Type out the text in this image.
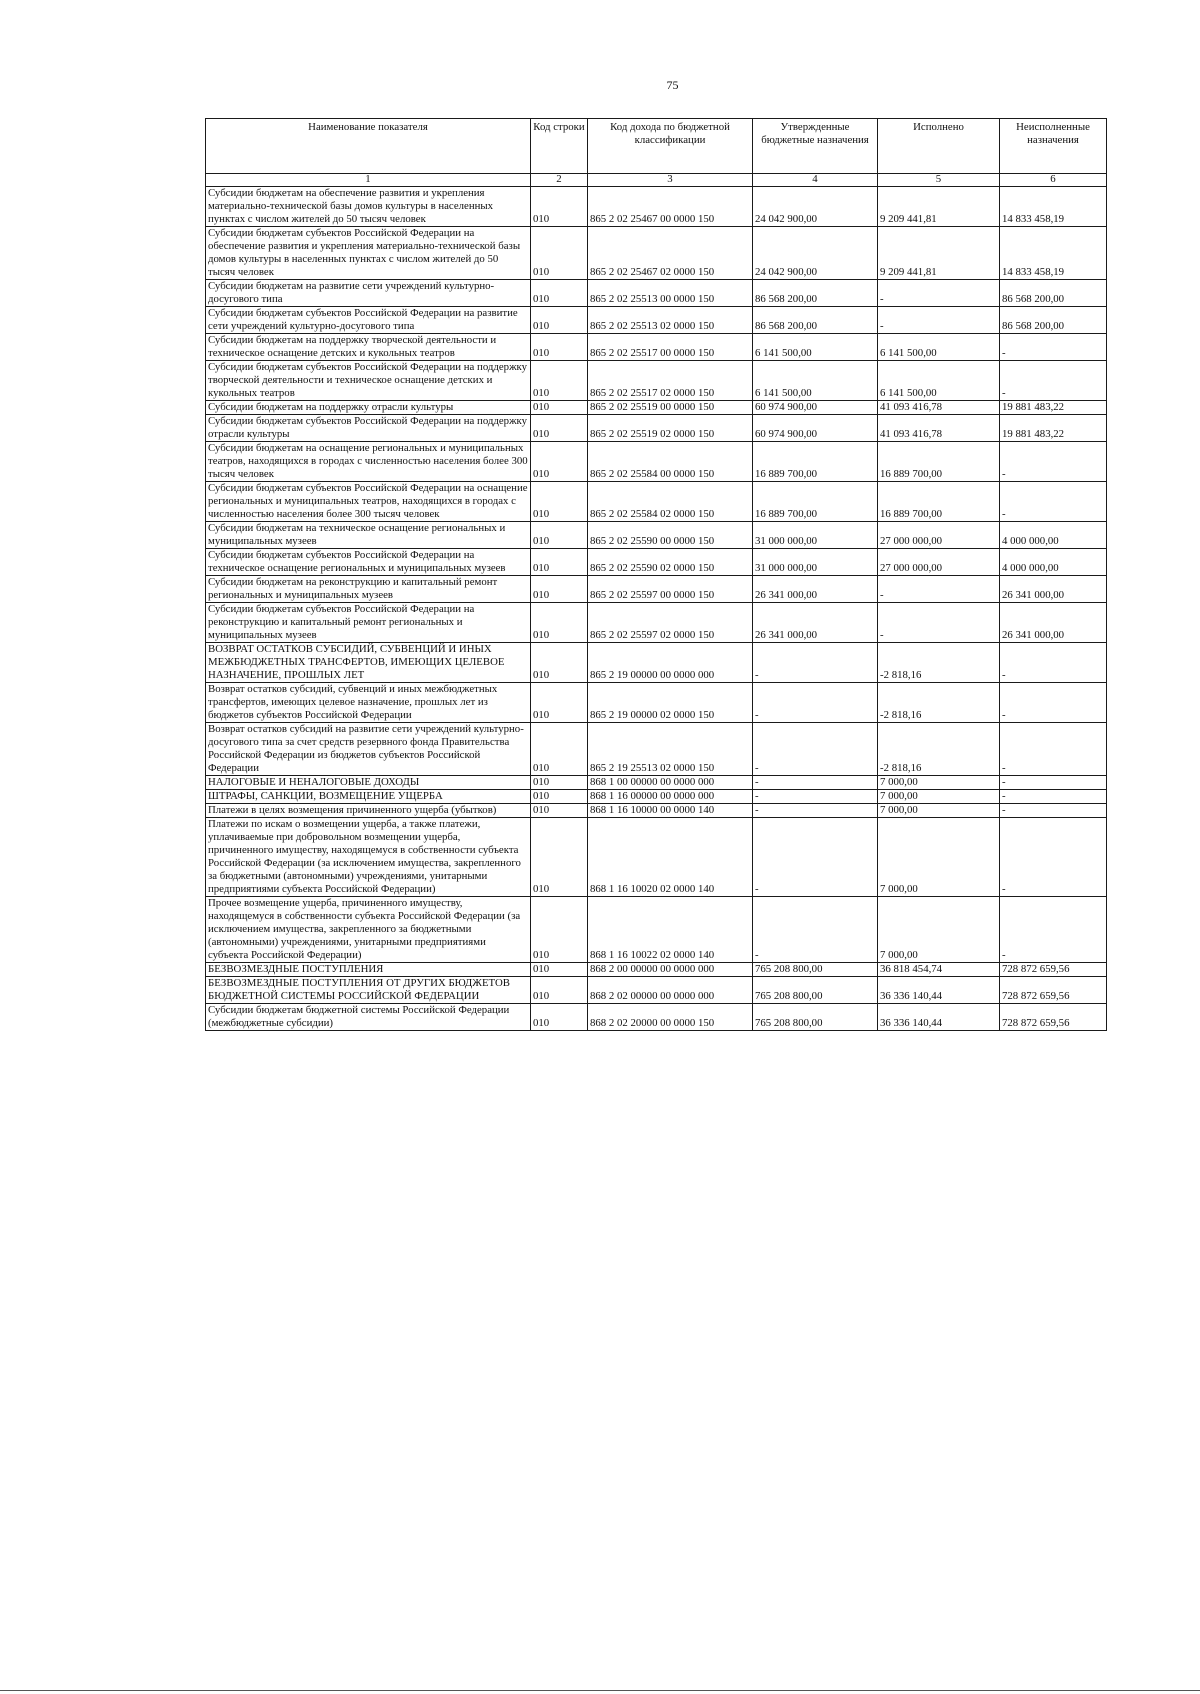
75
Наименование показателя	Код строки	Код дохода по бюджетной классификации	Утвержденные бюджетные назначения	Исполнено	Неисполненные назначения
1	2	3	4	5	6
Субсидии бюджетам на обеспечение развития и укрепления материально-технической базы домов культуры в населенных пунктах с числом жителей до 50 тысяч человек	010	865 2 02 25467 00 0000 150	24 042 900,00	9 209 441,81	14 833 458,19
Субсидии бюджетам субъектов Российской Федерации на обеспечение развития и укрепления материально-технической базы домов культуры в населенных пунктах с числом жителей до 50 тысяч человек	010	865 2 02 25467 02 0000 150	24 042 900,00	9 209 441,81	14 833 458,19
Субсидии бюджетам на развитие сети учреждений культурно-досугового типа	010	865 2 02 25513 00 0000 150	86 568 200,00	-	86 568 200,00
Субсидии бюджетам субъектов Российской Федерации на развитие сети учреждений культурно-досугового типа	010	865 2 02 25513 02 0000 150	86 568 200,00	-	86 568 200,00
Субсидии бюджетам на поддержку творческой деятельности и техническое оснащение детских и кукольных театров	010	865 2 02 25517 00 0000 150	6 141 500,00	6 141 500,00	-
Субсидии бюджетам субъектов Российской Федерации на поддержку творческой деятельности и техническое оснащение детских и кукольных театров	010	865 2 02 25517 02 0000 150	6 141 500,00	6 141 500,00	-
Субсидии бюджетам на поддержку отрасли культуры	010	865 2 02 25519 00 0000 150	60 974 900,00	41 093 416,78	19 881 483,22
Субсидии бюджетам субъектов Российской Федерации на поддержку отрасли культуры	010	865 2 02 25519 02 0000 150	60 974 900,00	41 093 416,78	19 881 483,22
Субсидии бюджетам на оснащение региональных и муниципальных театров, находящихся в городах с численностью населения более 300 тысяч человек	010	865 2 02 25584 00 0000 150	16 889 700,00	16 889 700,00	-
Субсидии бюджетам субъектов Российской Федерации на оснащение региональных и муниципальных театров, находящихся в городах с численностью населения более 300 тысяч человек	010	865 2 02 25584 02 0000 150	16 889 700,00	16 889 700,00	-
Субсидии бюджетам на техническое оснащение региональных и муниципальных музеев	010	865 2 02 25590 00 0000 150	31 000 000,00	27 000 000,00	4 000 000,00
Субсидии бюджетам субъектов Российской Федерации на техническое оснащение региональных и муниципальных музеев	010	865 2 02 25590 02 0000 150	31 000 000,00	27 000 000,00	4 000 000,00
Субсидии бюджетам на реконструкцию и капитальный ремонт региональных и муниципальных музеев	010	865 2 02 25597 00 0000 150	26 341 000,00	-	26 341 000,00
Субсидии бюджетам субъектов Российской Федерации на реконструкцию и капитальный ремонт региональных и муниципальных музеев	010	865 2 02 25597 02 0000 150	26 341 000,00	-	26 341 000,00
ВОЗВРАТ ОСТАТКОВ СУБСИДИЙ, СУБВЕНЦИЙ И ИНЫХ МЕЖБЮДЖЕТНЫХ ТРАНСФЕРТОВ, ИМЕЮЩИХ ЦЕЛЕВОЕ НАЗНАЧЕНИЕ, ПРОШЛЫХ ЛЕТ	010	865 2 19 00000 00 0000 000	-	-2 818,16	-
Возврат остатков субсидий, субвенций и иных межбюджетных трансфертов, имеющих целевое назначение, прошлых лет из бюджетов субъектов Российской Федерации	010	865 2 19 00000 02 0000 150	-	-2 818,16	-
Возврат остатков субсидий на развитие сети учреждений культурно-досугового типа за счет средств резервного фонда Правительства Российской Федерации из бюджетов субъектов Российской Федерации	010	865 2 19 25513 02 0000 150	-	-2 818,16	-
НАЛОГОВЫЕ И НЕНАЛОГОВЫЕ ДОХОДЫ	010	868 1 00 00000 00 0000 000	-	7 000,00	-
ШТРАФЫ, САНКЦИИ, ВОЗМЕЩЕНИЕ УЩЕРБА	010	868 1 16 00000 00 0000 000	-	7 000,00	-
Платежи в целях возмещения причиненного ущерба (убытков)	010	868 1 16 10000 00 0000 140	-	7 000,00	-
Платежи по искам о возмещении ущерба, а также платежи, уплачиваемые при добровольном возмещении ущерба, причиненного имуществу, находящемуся в собственности субъекта Российской Федерации (за исключением имущества, закрепленного за бюджетными (автономными) учреждениями, унитарными предприятиями субъекта Российской Федерации)	010	868 1 16 10020 02 0000 140	-	7 000,00	-
Прочее возмещение ущерба, причиненного имуществу, находящемуся в собственности субъекта Российской Федерации (за исключением имущества, закрепленного за бюджетными (автономными) учреждениями, унитарными предприятиями субъекта Российской Федерации)	010	868 1 16 10022 02 0000 140	-	7 000,00	-
БЕЗВОЗМЕЗДНЫЕ ПОСТУПЛЕНИЯ	010	868 2 00 00000 00 0000 000	765 208 800,00	36 818 454,74	728 872 659,56
БЕЗВОЗМЕЗДНЫЕ ПОСТУПЛЕНИЯ ОТ ДРУГИХ БЮДЖЕТОВ БЮДЖЕТНОЙ СИСТЕМЫ РОССИЙСКОЙ ФЕДЕРАЦИИ	010	868 2 02 00000 00 0000 000	765 208 800,00	36 336 140,44	728 872 659,56
Субсидии бюджетам бюджетной системы Российской Федерации (межбюджетные субсидии)	010	868 2 02 20000 00 0000 150	765 208 800,00	36 336 140,44	728 872 659,56
